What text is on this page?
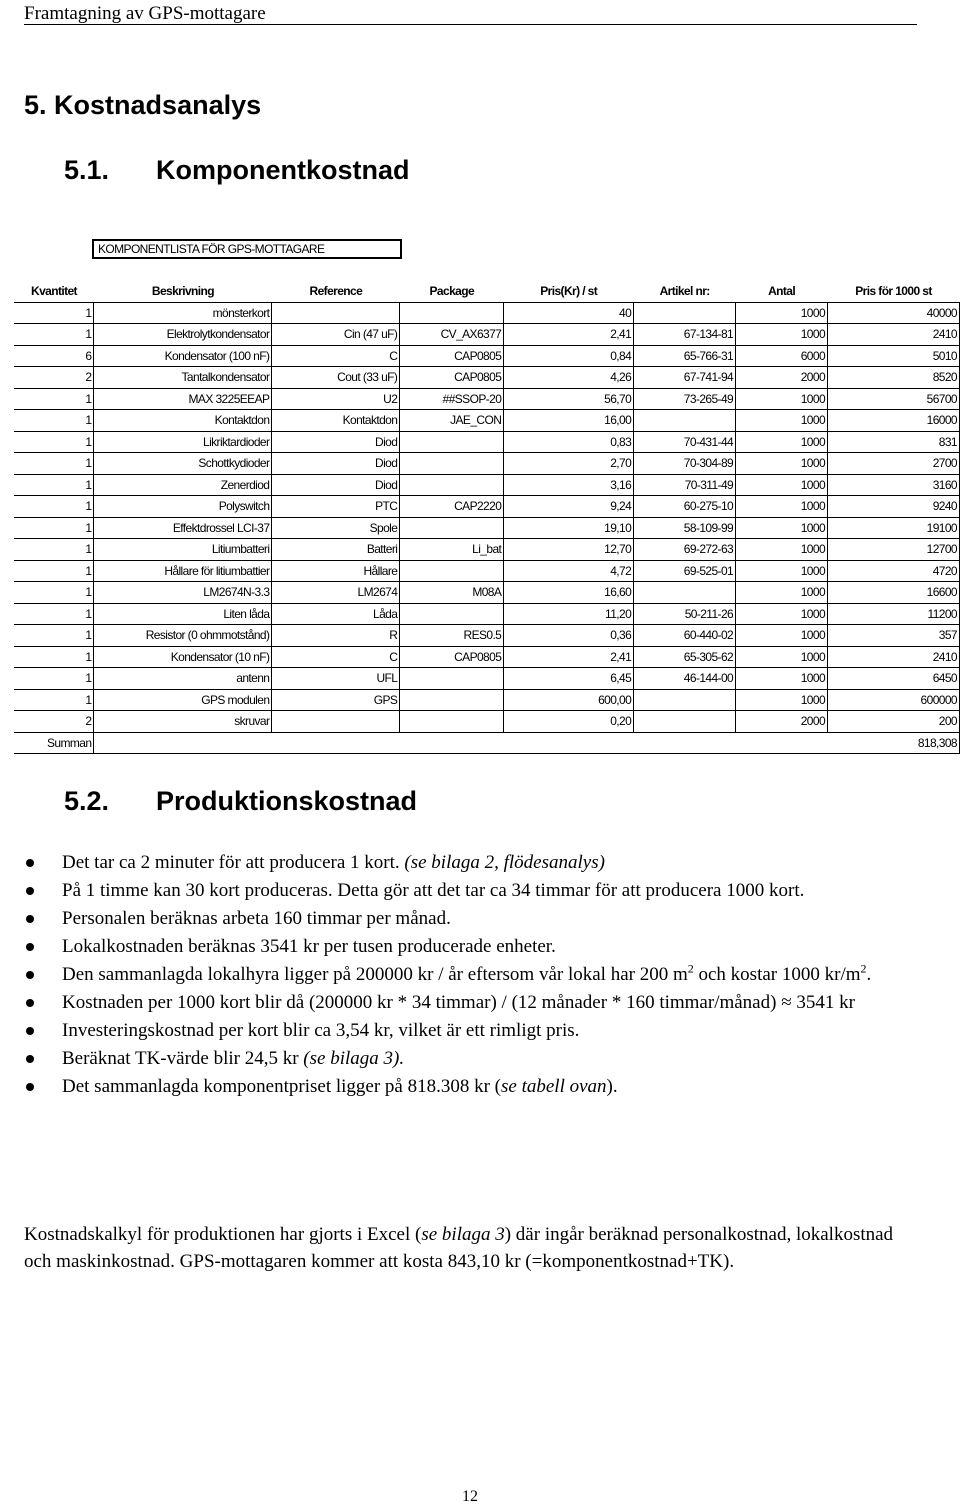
Framtagning av GPS-mottagare
5. Kostnadsanalys
5.1. Komponentkostnad
KOMPONENTLISTA FÖR GPS-MOTTAGARE
Kvantitet	Beskrivning	Reference	Package	Pris(Kr) / st	Artikel nr:	Antal	Pris för 1000 st
1	mönsterkort			40		1000	40000
1	Elektrolytkondensator	Cin (47 uF)	CV_AX6377	2,41	67-134-81	1000	2410
6	Kondensator (100 nF)	C	CAP0805	0,84	65-766-31	6000	5010
2	Tantalkondensator	Cout (33 uF)	CAP0805	4,26	67-741-94	2000	8520
1	MAX 3225EEAP	U2	##SSOP-20	56,70	73-265-49	1000	56700
1	Kontaktdon	Kontaktdon	JAE_CON	16,00		1000	16000
1	Likriktardioder	Diod		0,83	70-431-44	1000	831
1	Schottkydioder	Diod		2,70	70-304-89	1000	2700
1	Zenerdiod	Diod		3,16	70-311-49	1000	3160
1	Polyswitch	PTC	CAP2220	9,24	60-275-10	1000	9240
1	Effektdrossel LCI-37	Spole		19,10	58-109-99	1000	19100
1	Litiumbatteri	Batteri	Li_bat	12,70	69-272-63	1000	12700
1	Hållare för litiumbattier	Hållare		4,72	69-525-01	1000	4720
1	LM2674N-3.3	LM2674	M08A	16,60		1000	16600
1	Liten låda	Låda		11,20	50-211-26	1000	11200
1	Resistor (0 ohmmotstånd)	R	RES0.5	0,36	60-440-02	1000	357
1	Kondensator (10 nF)	C	CAP0805	2,41	65-305-62	1000	2410
1	antenn	UFL		6,45	46-144-00	1000	6450
1	GPS modulen	GPS		600,00		1000	600000
2	skruvar			0,20		2000	200
Summan							818,308
5.2. Produktionskostnad
Det tar ca 2 minuter för att producera 1 kort. (se bilaga 2, flödesanalys)
På 1 timme kan 30 kort produceras. Detta gör att det tar ca 34 timmar för att producera 1000 kort.
Personalen beräknas arbeta 160 timmar per månad.
Lokalkostnaden beräknas 3541 kr per tusen producerade enheter.
Den sammanlagda lokalhyra ligger på 200000 kr / år eftersom vår lokal har 200 $m^2$ och kostar 1000 $kr/m^2$.
Kostnaden per 1000 kort blir då (200000 kr * 34 timmar) / (12 månader * 160 timmar/månad) ≈ 3541 kr
Investeringskostnad per kort blir ca 3,54 kr, vilket är ett rimligt pris.
Beräknat TK-värde blir 24,5 kr (se bilaga 3).
Det sammanlagda komponentpriset ligger på 818.308 kr (se tabell ovan).
Kostnadskalkyl för produktionen har gjorts i Excel (se bilaga 3) där ingår beräknad personalkostnad, lokalkostnad och maskinkostnad. GPS-mottagaren kommer att kosta 843,10 kr (=komponentkostnad+TK).
12
